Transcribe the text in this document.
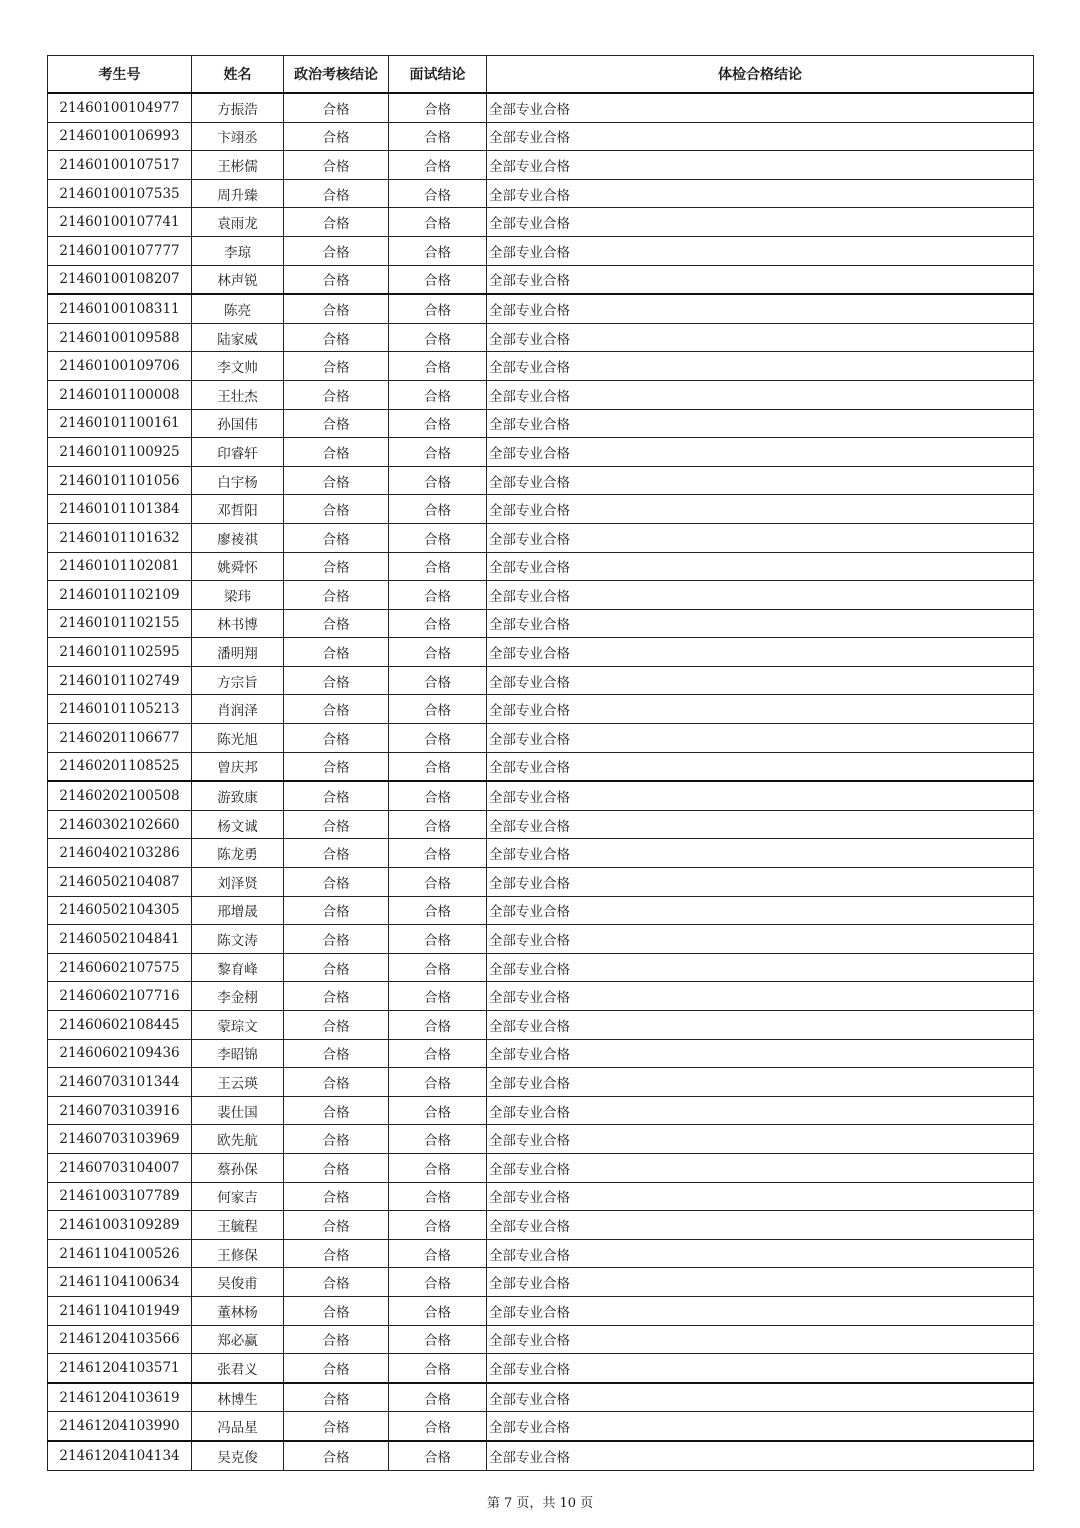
考生号	姓名	政治考核结论	面试结论	体检合格结论
21460100104977	方振浩	合格	合格	全部专业合格
21460100106993	卞翊丞	合格	合格	全部专业合格
21460100107517	王彬儒	合格	合格	全部专业合格
21460100107535	周升臻	合格	合格	全部专业合格
21460100107741	袁雨龙	合格	合格	全部专业合格
21460100107777	李琼	合格	合格	全部专业合格
21460100108207	林声锐	合格	合格	全部专业合格
21460100108311	陈亮	合格	合格	全部专业合格
21460100109588	陆家威	合格	合格	全部专业合格
21460100109706	李文帅	合格	合格	全部专业合格
21460101100008	王壮杰	合格	合格	全部专业合格
21460101100161	孙国伟	合格	合格	全部专业合格
21460101100925	印睿轩	合格	合格	全部专业合格
21460101101056	白宇杨	合格	合格	全部专业合格
21460101101384	邓哲阳	合格	合格	全部专业合格
21460101101632	廖祾祺	合格	合格	全部专业合格
21460101102081	姚舜怀	合格	合格	全部专业合格
21460101102109	梁玮	合格	合格	全部专业合格
21460101102155	林书博	合格	合格	全部专业合格
21460101102595	潘明翔	合格	合格	全部专业合格
21460101102749	方宗旨	合格	合格	全部专业合格
21460101105213	肖润泽	合格	合格	全部专业合格
21460201106677	陈光旭	合格	合格	全部专业合格
21460201108525	曾庆邦	合格	合格	全部专业合格
21460202100508	游致康	合格	合格	全部专业合格
21460302102660	杨文诚	合格	合格	全部专业合格
21460402103286	陈龙勇	合格	合格	全部专业合格
21460502104087	刘泽贤	合格	合格	全部专业合格
21460502104305	邢增晟	合格	合格	全部专业合格
21460502104841	陈文涛	合格	合格	全部专业合格
21460602107575	黎育峰	合格	合格	全部专业合格
21460602107716	李金栩	合格	合格	全部专业合格
21460602108445	蒙琮文	合格	合格	全部专业合格
21460602109436	李昭锦	合格	合格	全部专业合格
21460703101344	王云瑛	合格	合格	全部专业合格
21460703103916	裴仕国	合格	合格	全部专业合格
21460703103969	欧先航	合格	合格	全部专业合格
21460703104007	蔡孙保	合格	合格	全部专业合格
21461003107789	何家吉	合格	合格	全部专业合格
21461003109289	王毓程	合格	合格	全部专业合格
21461104100526	王修保	合格	合格	全部专业合格
21461104100634	吴俊甫	合格	合格	全部专业合格
21461104101949	董林杨	合格	合格	全部专业合格
21461204103566	郑必赢	合格	合格	全部专业合格
21461204103571	张君义	合格	合格	全部专业合格
21461204103619	林博生	合格	合格	全部专业合格
21461204103990	冯品星	合格	合格	全部专业合格
21461204104134	吴克俊	合格	合格	全部专业合格
第 7 页，共 10 页
